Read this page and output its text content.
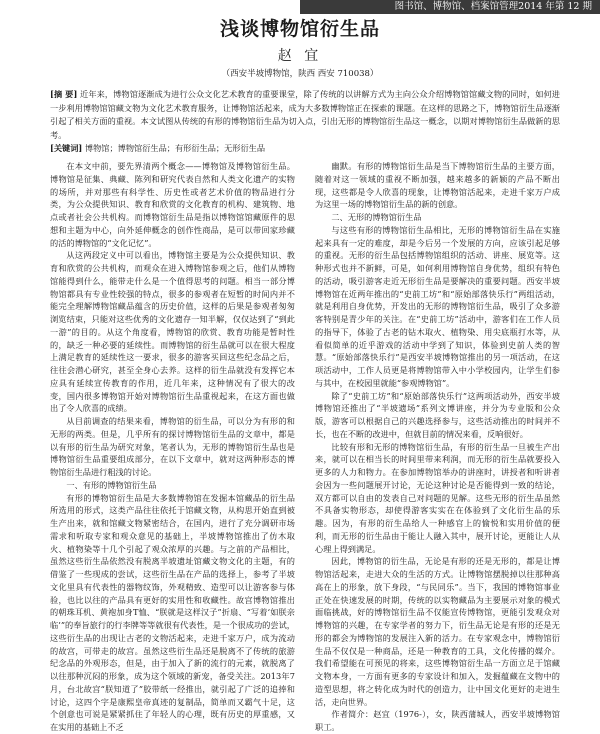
图书馆、博物馆、档案馆管理2014 年第 12 期
浅谈博物馆衍生品
赵 宜
（西安半坡博物馆，陕西 西安 710038）

[摘 要] 近年来，博物馆逐渐成为进行公众文化艺术教育的重要课堂，除了传统的以讲解方式为主向公众介绍博物馆馆藏文物的同时，如何进一步利用博物馆馆藏文物为文化艺术教育服务，让博物馆活起来，成为大多数博物馆正在探索的课题。在这样的思路之下，博物馆衍生品逐渐引起了相关方面的重视。本文试图从传统的有形的博物馆衍生品为切入点，引出无形的博物馆衍生品这一概念，以期对博物馆衍生品做新的思考。

[关键词] 博物馆；博物馆衍生品；有形衍生品；无形衍生品

在本文中前，要先界清两个概念——博物馆及博物馆衍生品。博物馆是征集、典藏、陈列和研究代表自然和人类文化遗产的实物的场所，并对那些有科学性、历史性或者艺术价值的物品进行分类，为公众提供知识、教育和欣赏的文化教育的机构、建筑物、地点或者社会公共机构。而博物馆衍生品是指以博物馆馆藏原件的思想和主题为中心，向外延伸概念的创作性商品，是可以带回家珍藏的活的博物馆的“文化记忆”。

从这两段定义中可以看出，博物馆主要是为公众提供知识、教育和欣赏的公共机构，而观众在进入博物馆参观之后，他们从博物馆能得到什么，能带走什么是一个值得思考的问题。相当一部分博物馆都具有专业性较强的特点，很多的参观者在短暂的时间内并不能完全理解博物馆藏品蕴含的历史价值，这样的后果是参观者匆匆浏览结束，只能对这些优秀的文化遗存一知半解，仅仅达到了“到此一游”的目的。从这个角度看，博物馆的欣赏、教育功能是暂时性的，缺乏一种必要的延续性。而博物馆的衍生品就可以在很大程度上满足教育的延续性这一要求，很多的游客买回这些纪念品之后，往往会潜心研究，甚至全身心去养。这样的衍生品就没有发挥它本应具有延续宣传教育的作用，近几年来，这种情况有了很大的改变，国内很多博物馆开始对博物馆衍生品重视起来，在这方面也做出了令人欣喜的成绩。

从目前调查的结果来看，博物馆的衍生品，可以分为有形的和无形的两类。但是，几乎所有的探讨博物馆衍生品的文章中，都是以有形的衍生品为研究对象，笔者认为，无形的博物馆衍生品也是博物馆衍生品重要组成部分，在以下文章中，就对这两种形态的博物馆衍生品进行粗浅的讨论。

一、有形的博物馆衍生品

有形的博物馆衍生品是大多数博物馆在发掘本馆藏品的衍生品所选用的形式，这类产品往往依托于馆藏文物，从构思开始直到被生产出来，就和馆藏文物紧密结合，在国内，进行了充分调研市场需求和听取专家和观众意见的基础上，半坡博物馆推出了仿木取火、植物染等十几个引起了观众浓厚的兴趣。与之前的产品相比，虽然这些衍生品依然没有脱离半坡遗址馆藏文物文化的主题，有的借鉴了一些现成的尝试，这些衍生品在产品的选择上，参考了半坡文化里具有代表性的器物纹饰，外观精致、造型可以让游客参与体验，也比以往的产品具有更好的实用性和收藏性。故宫博物馆推出的朝珠耳机、黄袍加身T恤、“朕就是这样汉子”折扇、“写着‘如朕亲临’”的奉旨旅行的行李牌等等就很有代表性，是一个很成功的尝试，这些衍生品的出现让古老的文物活起来，走进千家万户，成为流动的故宫，可带走的故宫。虽然这些衍生品还是脱离不了传统的旅游纪念品的外观形态，但是，由于加入了新的流行的元素，就脱离了以往那种沉闷的形象，成为这个领域的新宠，备受关注。2013年7月，台北故宫“朕知道了”胶带纸一经推出，就引起了广泛的追捧和讨论，这四个字是康熙皇帝真迹的复制品，简单而又霸气十足，这个创意也可说是紧紧抓住了年轻人的心理，既有历史的厚重感，又在实用的基础上不乏

幽默。有形的博物馆衍生品是当下博物馆衍生品的主要方面，随着对这一领域的重视不断加强，越来越多的新颖的产品不断出现，这些都是令人欣喜的现象，让博物馆活起来，走进千家万户成为这里一场的博物馆衍生品的新的创意。

二、无形的博物馆衍生品

与这些有形的博物馆衍生品相比，无形的博物馆衍生品在实施起来具有一定的难度，却是今后另一个发展的方向，应该引起足够的重视。无形的衍生品包括博物馆组织的活动、讲座、展览等。这种形式也并不新鲜，可是，如何利用博物馆自身优势，组织有特色的活动，吸引游客走近无形衍生品是要解决的重要问题。西安半坡博物馆在近两年推出的“史前工坊”和“原始部落快乐行”两组活动，就是利用自身优势，开发出的无形的博物馆衍生品，吸引了众多游客特别是青少年的关注。在“史前工坊”活动中，游客们在工作人员的指导下，体验了古老的钻木取火、植物染、用尖底瓶打水等，从看似简单的近乎游戏的活动中学到了知识，体验到史前人类的智慧。“原始部落快乐行”是西安半坡博物馆推出的另一项活动，在这项活动中，工作人员更是将博物馆带入中小学校园内，让学生们参与其中，在校园里就能“参观博物馆”。

除了“史前工坊”和“原始部落快乐行”这两项活动外，西安半坡博物馆还推出了“半坡遗场”系列文博讲座，并分为专业版和公众版，游客可以根据自己的兴趣选择参与，这些活动推出的时间并不长，也在不断的改进中，但就目前的情况来看，反响很好。

比较有形和无形的博物馆衍生品，有形的衍生品一旦被生产出来，就可以在相当长的时间里带来利润，而无形的衍生品就要投入更多的人力和物力。在参加博物馆举办的讲座时，讲授者和听讲者会因为一些问题展开讨论，无论这种讨论是否能得到一致的结论，双方都可以自由的发表自己对问题的见解。这些无形的衍生品虽然不具备实物形态，却使得游客实实在在体验到了文化衍生品的乐趣。因为，有形的衍生品给人一种感官上的愉悦和实用价值的便利，而无形的衍生品由于能让人融入其中，展开讨论，更能让人从心理上得到满足。

因此，博物馆的衍生品，无论是有形的还是无形的，都是让博物馆活起来，走进大众的生活的方式。让博物馆摆脱掉以往那种高高在上的形象，放下身段，“与民同乐”。当下，我国的博物馆事业正处在快速发展的时期，传统的以实物藏品为主要展示对象的模式面临挑战，好的博物馆衍生品不仅能宣传博物馆，更能引发观众对博物馆的兴趣，在专家学者的努力下，衍生品无论是有形的还是无形的都会为博物馆的发展注入新的活力。在专家观念中，博物馆衍生品不仅仅是一种商品，还是一种教育的工具，文化传播的媒介。我们希望能在可预见的将来，这些博物馆衍生品一方面立足于馆藏文物本身，一方面有更多的专家设计和加入，发掘蕴藏在文物中的造型思想，将之转化成为时代的创造力，让中国文化更好的走进生活，走向世界。

作者简介：赵宜（1976-），女，陕西蒲城人，西安半坡博物馆职工。
